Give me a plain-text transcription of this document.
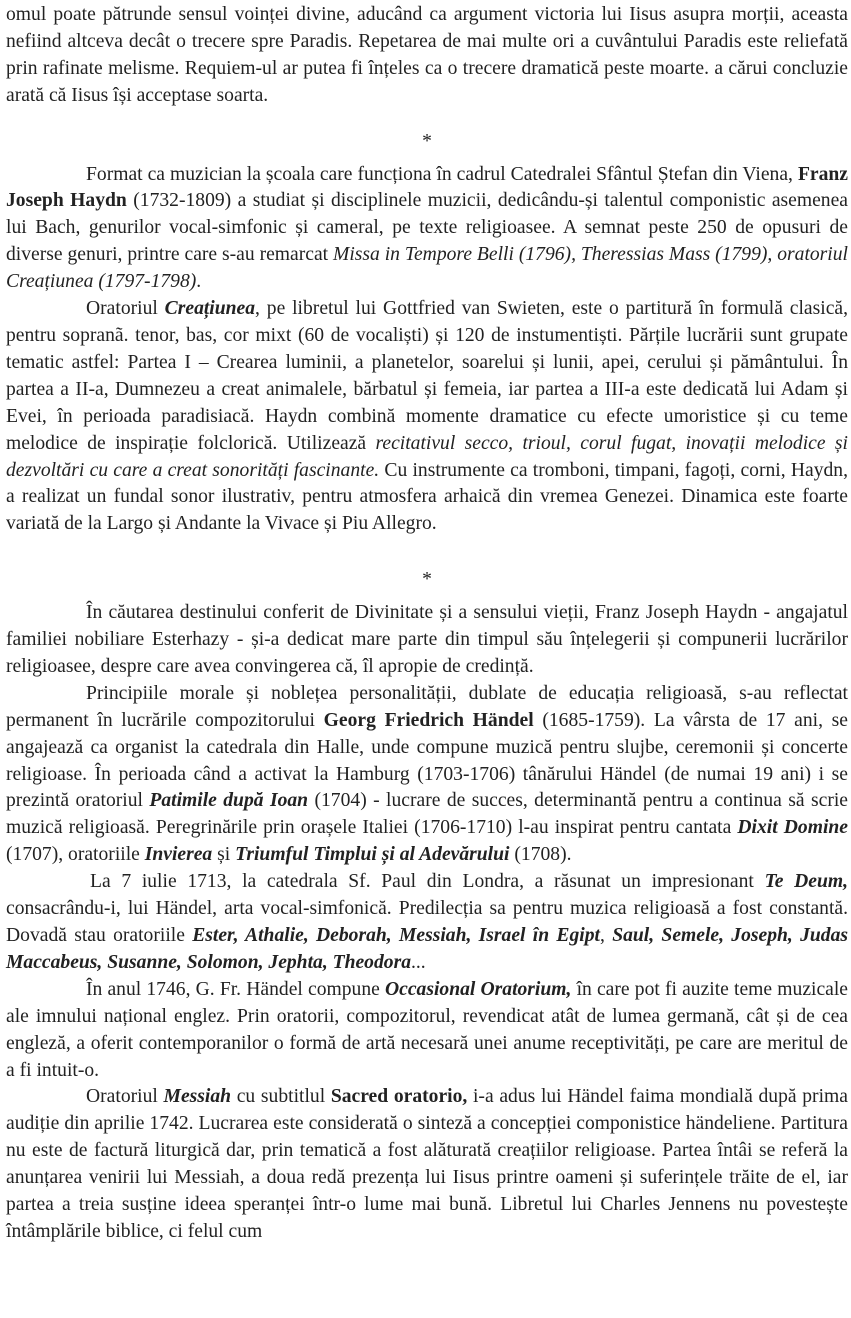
omul poate pătrunde sensul voinței divine, aducând ca argument victoria lui Iisus asupra morții, aceasta nefiind altceva decât o trecere spre Paradis. Repetarea de mai multe ori a cuvântului Paradis este reliefată prin rafinate melisme. Requiem-ul ar putea fi înțeles ca o trecere dramatică peste moarte. a cărui concluzie arată că Iisus își acceptase soarta.

*

Format ca muzician la școala care funcționa în cadrul Catedralei Sfântul Ștefan din Viena, Franz Joseph Haydn (1732-1809) a studiat și disciplinele muzicii, dedicându-și talentul componistic asemenea lui Bach, genurilor vocal-simfonic și cameral, pe texte religioasee. A semnat peste 250 de opusuri de diverse genuri, printre care s-au remarcat Missa in Tempore Belli (1796), Theressias Mass (1799), oratoriul Creațiunea (1797-1798).

Oratoriul Creațiunea, pe libretul lui Gottfried van Swieten, este o partitură în formulă clasică, pentru sopranã. tenor, bas, cor mixt (60 de vocaliști) și 120 de instumentiști. Părțile lucrării sunt grupate tematic astfel: Partea I – Crearea luminii, a planetelor, soarelui și lunii, apei, cerului și pământului. În partea a II-a, Dumnezeu a creat animalele, bărbatul și femeia, iar partea a III-a este dedicată lui Adam și Evei, în perioada paradisiacă. Haydn combină momente dramatice cu efecte umoristice și cu teme melodice de inspirație folclorică. Utilizează recitativul secco, trioul, corul fugat, inovații melodice și dezvoltări cu care a creat sonorități fascinante. Cu instrumente ca tromboni, timpani, fagoți, corni, Haydn, a realizat un fundal sonor ilustrativ, pentru atmosfera arhaică din vremea Genezei. Dinamica este foarte variată de la Largo și Andante la Vivace și Piu Allegro.

*

În căutarea destinului conferit de Divinitate și a sensului vieții, Franz Joseph Haydn - angajatul familiei nobiliare Esterhazy - și-a dedicat mare parte din timpul său înțelegerii și compunerii lucrărilor religioasee, despre care avea convingerea că, îl apropie de credință.

Principiile morale și noblețea personalității, dublate de educația religioasă, s-au reflectat permanent în lucrările compozitorului Georg Friedrich Händel (1685-1759). La vârsta de 17 ani, se angajează ca organist la catedrala din Halle, unde compune muzică pentru slujbe, ceremonii și concerte religioase. În perioada când a activat la Hamburg (1703-1706) tânărului Händel (de numai 19 ani) i se prezintă oratoriul Patimile după Ioan (1704) - lucrare de succes, determinantă pentru a continua să scrie muzică religioasă. Peregrinările prin orașele Italiei (1706-1710) l-au inspirat pentru cantata Dixit Domine (1707), oratoriile Invierea și Triumful Timplui și al Adevărului (1708).

La 7 iulie 1713, la catedrala Sf. Paul din Londra, a răsunat un impresionant Te Deum, consacrându-i, lui Händel, arta vocal-simfonică. Predilecția sa pentru muzica religioasă a fost constantă. Dovadă stau oratoriile Ester, Athalie, Deborah, Messiah, Israel în Egipt, Saul, Semele, Joseph, Judas Maccabeus, Susanne, Solomon, Jephta, Theodora...

În anul 1746, G. Fr. Händel compune Occasional Oratorium, în care pot fi auzite teme muzicale ale imnului național englez. Prin oratorii, compozitorul, revendicat atât de lumea germană, cât și de cea engleză, a oferit contemporanilor o formă de artă necesară unei anume receptivități, pe care are meritul de a fi intuit-o.

Oratoriul Messiah cu subtitlul Sacred oratorio, i-a adus lui Händel faima mondială după prima audiție din aprilie 1742. Lucrarea este considerată o sinteză a concepției componistice händeliene. Partitura nu este de factură liturgică dar, prin tematică a fost alăturată creațiilor religioase. Partea întâi se referă la anunțarea venirii lui Messiah, a doua redă prezența lui Iisus printre oameni și suferințele trăite de el, iar partea a treia susține ideea speranței într-o lume mai bună. Libretul lui Charles Jennens nu povestește întâmplările biblice, ci felul cum
